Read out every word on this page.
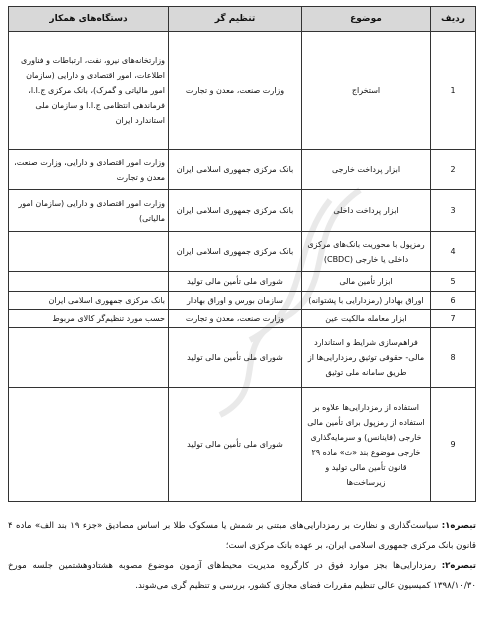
ردیف	موضوع	تنظیم گر	دستگاه‌های همکار
1	استخراج	وزارت صنعت، معدن و تجارت	وزارتخانه‌های نیرو، نفت، ارتباطات و فناوری اطلاعات، امور اقتصادی و دارایی (سازمان امور مالیاتی و گمرک)، بانک مرکزی ج.ا.ا، فرماندهی انتظامی ج.ا.ا و سازمان ملی استاندارد ایران
2	ابزار پرداخت خارجی	بانک مرکزی جمهوری اسلامی ایران	وزارت امور اقتصادی و دارایی، وزارت صنعت، معدن و تجارت
3	ابزار پرداخت داخلی	بانک مرکزی جمهوری اسلامی ایران	وزارت امور اقتصادی و دارایی (سازمان امور مالیاتی)
4	رمزپول با محوریت بانک‌های مرکزی داخلی یا خارجی (CBDC)	بانک مرکزی جمهوری اسلامی ایران	
5	ابزار تأمین مالی	شورای ملی تأمین مالی تولید	
6	اوراق بهادار (رمزدارایی با پشتوانه)	سازمان بورس و اوراق بهادار	بانک مرکزی جمهوری اسلامی ایران
7	ابزار معامله مالکیت عین	وزارت صنعت، معدن و تجارت	حسب مورد تنظیم‌گر کالای مربوط
8	فراهم‌سازی شرایط و استاندارد مالی- حقوقی توثیق رمزدارایی‌ها از طریق سامانه ملی توثیق	شورای ملی تأمین مالی تولید	
9	استفاده از رمزدارایی‌ها علاوه بر استفاده از رمزپول برای تأمین مالی خارجی (فاینانس) و سرمایه‌گذاری خارجی موضوع بند «ث» ماده ۲۹ قانون تأمین مالی تولید و زیرساخت‌ها	شورای ملی تأمین مالی تولید	

تبصره۱: سیاست‌گذاری و نظارت بر رمزدارایی‌های مبتنی بر شمش یا مسکوک طلا بر اساس مصادیق «جزء ۱۹ بند الف» ماده ۴ قانون بانک مرکزی جمهوری اسلامی ایران، بر عهده بانک مرکزی است؛

تبصره۲: رمزدارایی‌ها بجز موارد فوق در کارگروه مدیریت محیط‌های آزمون موضوع مصوبه هشتادوهشتمین جلسه مورخ ۱۳۹۸/۱۰/۳۰ کمیسیون عالی تنظیم مقررات فضای مجازی کشور، بررسی و تنظیم گری می‌شوند.
